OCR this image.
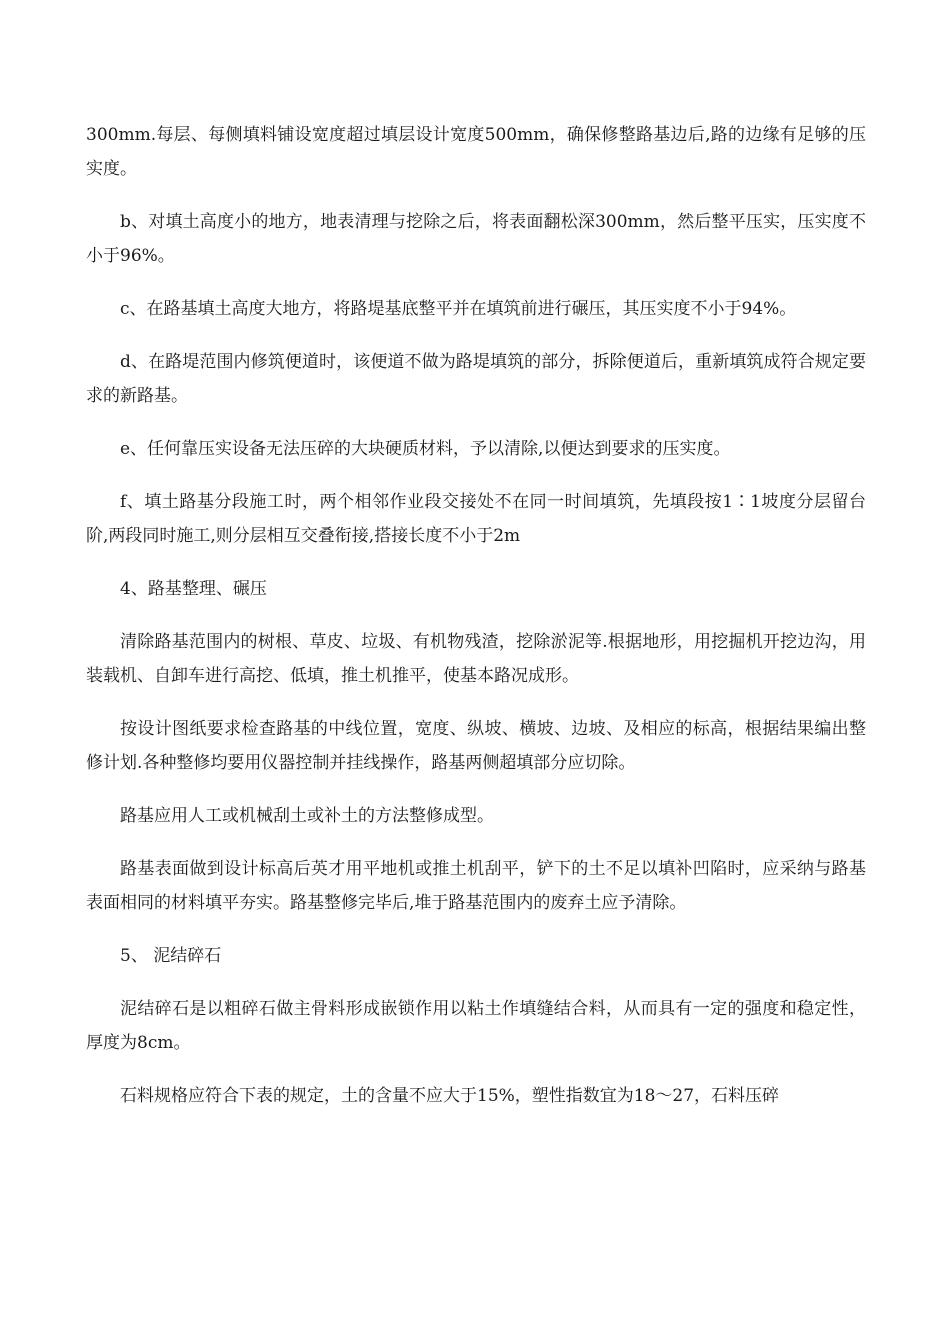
300mm.每层、每侧填料铺设宽度超过填层设计宽度500mm，确保修整路基边后,路的边缘有足够的压实度。

b、对填土高度小的地方，地表清理与挖除之后，将表面翻松深300mm，然后整平压实，压实度不小于96%。

c、在路基填土高度大地方，将路堤基底整平并在填筑前进行碾压，其压实度不小于94%。

d、在路堤范围内修筑便道时，该便道不做为路堤填筑的部分，拆除便道后，重新填筑成符合规定要求的新路基。

e、任何靠压实设备无法压碎的大块硬质材料，予以清除,以便达到要求的压实度。

f、填土路基分段施工时，两个相邻作业段交接处不在同一时间填筑，先填段按1∶1坡度分层留台阶,两段同时施工,则分层相互交叠衔接,搭接长度不小于2m

4、路基整理、碾压

清除路基范围内的树根、草皮、垃圾、有机物残渣，挖除淤泥等.根据地形，用挖掘机开挖边沟，用装载机、自卸车进行高挖、低填，推土机推平，使基本路况成形。

按设计图纸要求检查路基的中线位置，宽度、纵坡、横坡、边坡、及相应的标高，根据结果编出整修计划.各种整修均要用仪器控制并挂线操作，路基两侧超填部分应切除。

路基应用人工或机械刮土或补土的方法整修成型。

路基表面做到设计标高后英才用平地机或推土机刮平，铲下的土不足以填补凹陷时，应采纳与路基表面相同的材料填平夯实。路基整修完毕后,堆于路基范围内的废弃土应予清除。

5、 泥结碎石

泥结碎石是以粗碎石做主骨料形成嵌锁作用以粘土作填缝结合料，从而具有一定的强度和稳定性，厚度为8cm。

石料规格应符合下表的规定，土的含量不应大于15%，塑性指数宜为18～27，石料压碎
